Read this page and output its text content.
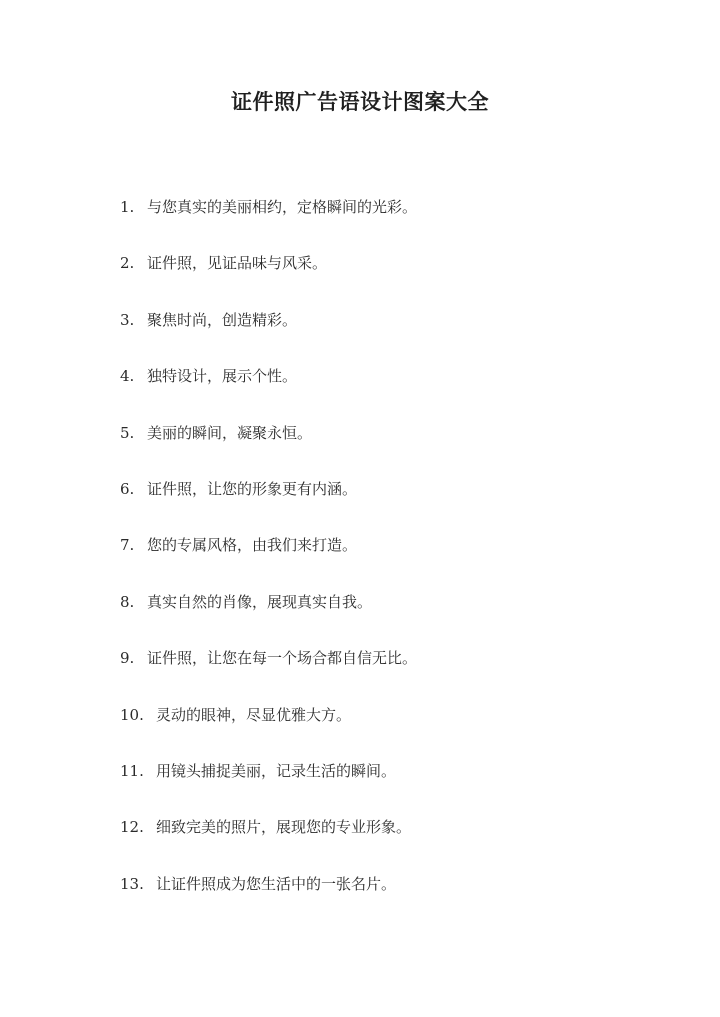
证件照广告语设计图案大全
1. 与您真实的美丽相约，定格瞬间的光彩。
2. 证件照，见证品味与风采。
3. 聚焦时尚，创造精彩。
4. 独特设计，展示个性。
5. 美丽的瞬间，凝聚永恒。
6. 证件照，让您的形象更有内涵。
7. 您的专属风格，由我们来打造。
8. 真实自然的肖像，展现真实自我。
9. 证件照，让您在每一个场合都自信无比。
10. 灵动的眼神，尽显优雅大方。
11. 用镜头捕捉美丽，记录生活的瞬间。
12. 细致完美的照片，展现您的专业形象。
13. 让证件照成为您生活中的一张名片。
